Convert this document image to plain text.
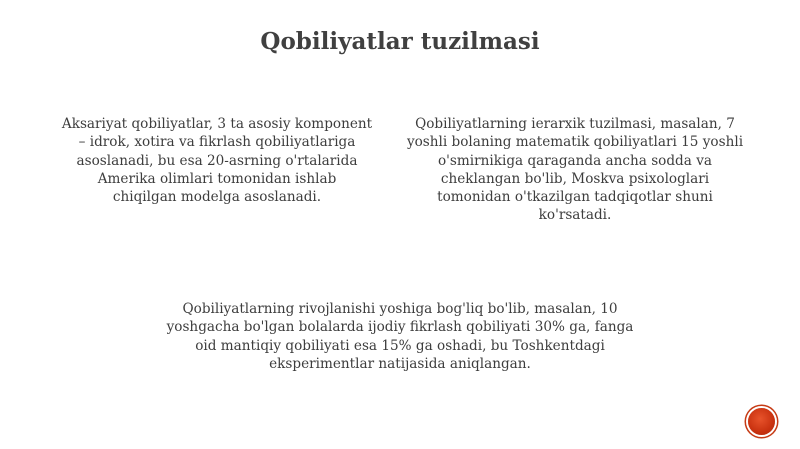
Qobiliyatlar tuzilmasi

Aksariyat qobiliyatlar, 3 ta asosiy komponent
– idrok, xotira va fikrlash qobiliyatlariga
asoslanadi, bu esa 20-asrning o'rtalarida
Amerika olimlari tomonidan ishlab
chiqilgan modelga asoslanadi.

Qobiliyatlarning ierarxik tuzilmasi, masalan, 7
yoshli bolaning matematik qobiliyatlari 15 yoshli
o'smirnikiga qaraganda ancha sodda va
cheklangan bo'lib, Moskva psixologlari
tomonidan o'tkazilgan tadqiqotlar shuni
ko'rsatadi.

Qobiliyatlarning rivojlanishi yoshiga bog'liq bo'lib, masalan, 10
yoshgacha bo'lgan bolalarda ijodiy fikrlash qobiliyati 30% ga, fanga
oid mantiqiy qobiliyati esa 15% ga oshadi, bu Toshkentdagi
eksperimentlar natijasida aniqlangan.
